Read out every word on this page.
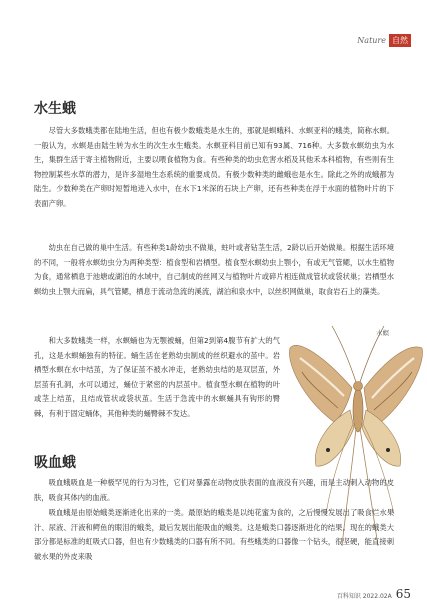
Nature 自然
水生蛾

尽管大多数蛾类都在陆地生活，但也有极少数蛾类是水生的，那就是螟蛾科、水螟亚科的蛾类，简称水螟。一般认为，水螟是由陆生转为水生的次生水生蛾类。水螟亚科目前已知有93属、716种。大多数水螟幼虫为水生，集群生活于寄主植物附近，主要以喂食植物为食。有些种类的幼虫危害水稻及其他禾本科植物，有些则有生物控制某些水草的潜力，是许多湿地生态系统的重要成员。有极少数种类的雌蛾也是水生。除此之外的成蛾都为陆生。少数种类在产卵时短暂地进入水中，在水下1米深的石块上产卵，还有些种类在浮于水面的植物叶片的下表面产卵。

幼虫在自己做的巢中生活。有些种类1龄幼虫不做巢，蛀叶或者钻茎生活，2龄以后开始做巢。根据生活环境的不同，一般将水螟幼虫分为两种类型：植食型和岩栖型。植食型水螟幼虫上颚小，有或无气管鳃，以水生植物为食，通常栖息于池塘或湖泊的水域中，自己制成的丝网又与植物叶片或碎片相连做成管状或袋状巢；岩栖型水螟幼虫上颚大而扁，具气管鳃，栖息于流动急流的溪流，湖泊和泉水中，以丝织网做巢，取食岩石上的藻类。

和大多数蛾类一样，水螟蛹也为无颚被蛹，但第2到第4腹节有扩大的气孔，这是水螟蛹独有的特征。蛹生活在老熟幼虫制成的丝织避水的茧中。岩栖型水螟在水中结茧，为了保证茧不被水冲走，老熟幼虫结的是双层茧，外层茧有孔洞，水可以通过，蛹位于紧密的内层茧中。植食型水螟在植物的叶或茎上结茧，且结成管状或袋状茧。生活于急流中的水螟蛹具有钩形的臀棘，有利于固定蛹体，其他种类的蛹臀棘不发达。

水螟
吸血蛾

吸血蛾吸血是一种极罕见的行为习性，它们对暴露在动物皮肤表面的血液没有兴趣，而是主动刺入动物的皮肤，吸食其体内的血液。

吸血蛾是由原始蛾类逐渐进化出来的一类。最原始的蛾类是以纯花蜜为食的，之后慢慢发展出了吸食烂水果汁、尿液、汗液和鳄鱼的眼泪的蛾类，最后发展出能吸血的蛾类。这是蛾类口器逐渐进化的结果。现在的蛾类大部分都是标准的虹吸式口器，但也有少数蛾类的口器有所不同。有些蛾类的口器像一个钻头，很坚硬，能直接刺破水果的外皮来吸

百科知识 2022.02A 65
